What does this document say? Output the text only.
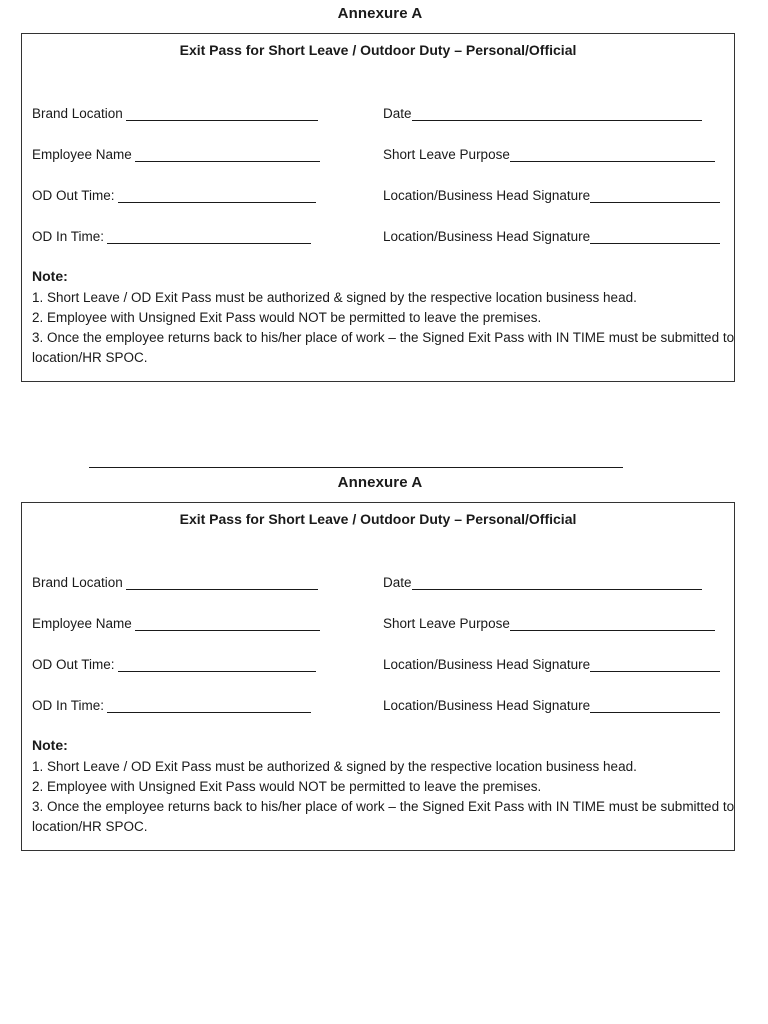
Annexure A
Exit Pass for Short Leave / Outdoor Duty – Personal/Official
Brand Location	Date
Employee Name	Short Leave Purpose
OD Out Time:	Location/Business Head Signature
OD In Time:	Location/Business Head Signature
Note:
1. Short Leave / OD Exit Pass must be authorized & signed by the respective location business head.
2. Employee with Unsigned Exit Pass would NOT be permitted to leave the premises.
3. Once the employee returns back to his/her place of work – the Signed Exit Pass with IN TIME must be submitted to
location/HR SPOC.
Annexure A
Exit Pass for Short Leave / Outdoor Duty – Personal/Official
Brand Location	Date
Employee Name	Short Leave Purpose
OD Out Time:	Location/Business Head Signature
OD In Time:	Location/Business Head Signature
Note:
1. Short Leave / OD Exit Pass must be authorized & signed by the respective location business head.
2. Employee with Unsigned Exit Pass would NOT be permitted to leave the premises.
3. Once the employee returns back to his/her place of work – the Signed Exit Pass with IN TIME must be submitted to
location/HR SPOC.
